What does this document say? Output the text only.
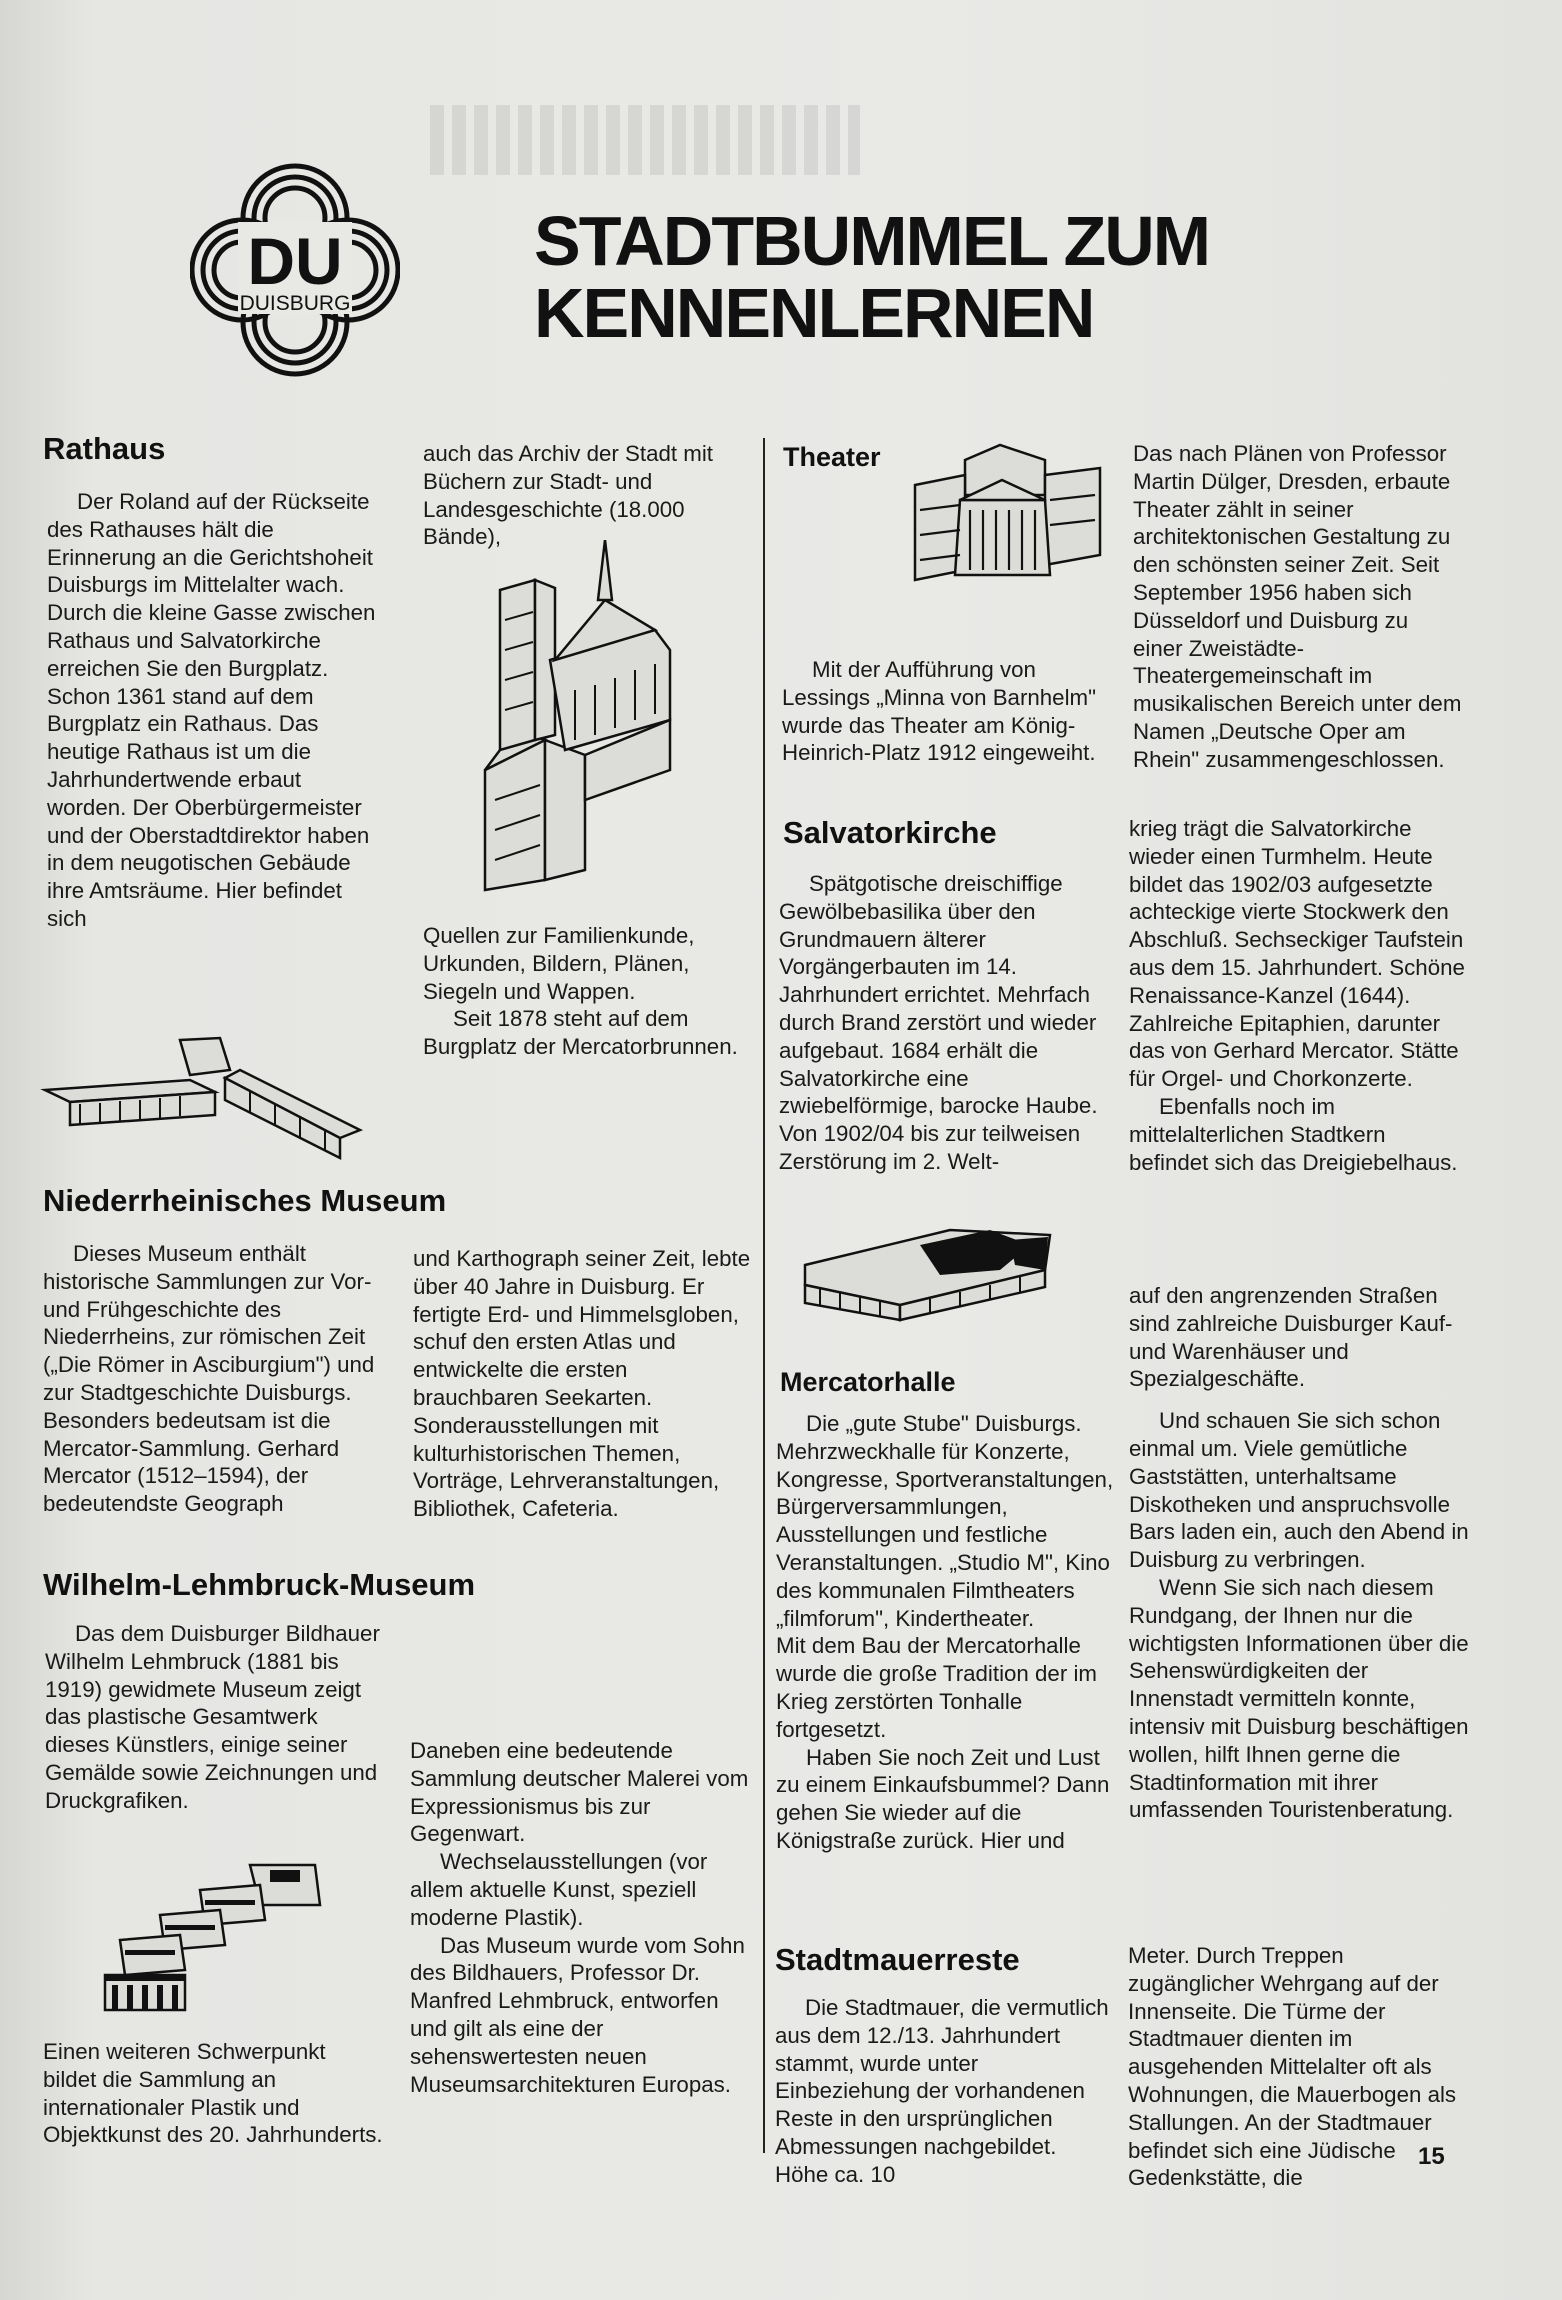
DU
DUISBURG
STADTBUMMEL ZUM
KENNENLERNEN
Rathaus

Der Roland auf der Rückseite des Rathauses hält die Erinnerung an die Gerichtshoheit Duisburgs im Mittelalter wach. Durch die kleine Gasse zwischen Rathaus und Salvatorkirche erreichen Sie den Burgplatz. Schon 1361 stand auf dem Burgplatz ein Rathaus. Das heutige Rathaus ist um die Jahrhundertwende erbaut worden. Der Oberbürgermeister und der Oberstadtdirektor haben in dem neugotischen Gebäude ihre Amtsräume. Hier befindet sich

auch das Archiv der Stadt mit Büchern zur Stadt- und Landesgeschichte (18.000 Bände),

Quellen zur Familienkunde, Urkunden, Bildern, Plänen, Siegeln und Wappen.

Seit 1878 steht auf dem Burgplatz der Mercatorbrunnen.

Niederrheinisches Museum

Dieses Museum enthält historische Sammlungen zur Vor- und Frühgeschichte des Niederrheins, zur römischen Zeit („Die Römer in Asciburgium") und zur Stadtgeschichte Duisburgs. Besonders bedeutsam ist die Mercator-Sammlung. Gerhard Mercator (1512–1594), der bedeutendste Geograph

und Karthograph seiner Zeit, lebte über 40 Jahre in Duisburg. Er fertigte Erd- und Himmelsgloben, schuf den ersten Atlas und entwickelte die ersten brauchbaren Seekarten. Sonderausstellungen mit kulturhistorischen Themen, Vorträge, Lehrveranstaltungen, Bibliothek, Cafeteria.

Wilhelm-Lehmbruck-Museum

Das dem Duisburger Bildhauer Wilhelm Lehmbruck (1881 bis 1919) gewidmete Museum zeigt das plastische Gesamtwerk dieses Künstlers, einige seiner Gemälde sowie Zeichnungen und Druckgrafiken.

Einen weiteren Schwerpunkt bildet die Sammlung an internationaler Plastik und Objektkunst des 20. Jahrhunderts.

Daneben eine bedeutende Sammlung deutscher Malerei vom Expressionismus bis zur Gegenwart.

Wechselausstellungen (vor allem aktuelle Kunst, speziell moderne Plastik).

Das Museum wurde vom Sohn des Bildhauers, Professor Dr. Manfred Lehmbruck, entworfen und gilt als eine der sehenswertesten neuen Museumsarchitekturen Europas.

Theater

Mit der Aufführung von Lessings „Minna von Barnhelm" wurde das Theater am König-Heinrich-Platz 1912 eingeweiht.

Das nach Plänen von Professor Martin Dülger, Dresden, erbaute Theater zählt in seiner architektonischen Gestaltung zu den schönsten seiner Zeit. Seit September 1956 haben sich Düsseldorf und Duisburg zu einer Zweistädte-Theatergemeinschaft im musikalischen Bereich unter dem Namen „Deutsche Oper am Rhein" zusammengeschlossen.

Salvatorkirche

Spätgotische dreischiffige Gewölbebasilika über den Grundmauern älterer Vorgängerbauten im 14. Jahrhundert errichtet. Mehrfach durch Brand zerstört und wieder aufgebaut. 1684 erhält die Salvatorkirche eine zwiebelförmige, barocke Haube. Von 1902/04 bis zur teilweisen Zerstörung im 2. Welt-

krieg trägt die Salvatorkirche wieder einen Turmhelm. Heute bildet das 1902/03 aufgesetzte achteckige vierte Stockwerk den Abschluß. Sechseckiger Taufstein aus dem 15. Jahrhundert. Schöne Renaissance-Kanzel (1644). Zahlreiche Epitaphien, darunter das von Gerhard Mercator. Stätte für Orgel- und Chorkonzerte.

Ebenfalls noch im mittelalterlichen Stadtkern befindet sich das Dreigiebelhaus.

Mercatorhalle

Die „gute Stube" Duisburgs. Mehrzweckhalle für Konzerte, Kongresse, Sportveranstaltungen, Bürgerversammlungen, Ausstellungen und festliche Veranstaltungen. „Studio M", Kino des kommunalen Filmtheaters „filmforum", Kindertheater.

Mit dem Bau der Mercatorhalle wurde die große Tradition der im Krieg zerstörten Tonhalle fortgesetzt.

Haben Sie noch Zeit und Lust zu einem Einkaufsbummel? Dann gehen Sie wieder auf die Königstraße zurück. Hier und

auf den angrenzenden Straßen sind zahlreiche Duisburger Kauf- und Warenhäuser und Spezialgeschäfte.

Und schauen Sie sich schon einmal um. Viele gemütliche Gaststätten, unterhaltsame Diskotheken und anspruchsvolle Bars laden ein, auch den Abend in Duisburg zu verbringen.

Wenn Sie sich nach diesem Rundgang, der Ihnen nur die wichtigsten Informationen über die Sehenswürdigkeiten der Innenstadt vermitteln konnte, intensiv mit Duisburg beschäftigen wollen, hilft Ihnen gerne die Stadtinformation mit ihrer umfassenden Touristenberatung.

Stadtmauerreste

Die Stadtmauer, die vermutlich aus dem 12./13. Jahrhundert stammt, wurde unter Einbeziehung der vorhandenen Reste in den ursprünglichen Abmessungen nachgebildet. Höhe ca. 10

Meter. Durch Treppen zugänglicher Wehrgang auf der Innenseite. Die Türme der Stadtmauer dienten im ausgehenden Mittelalter oft als Wohnungen, die Mauerbogen als Stallungen. An der Stadtmauer befindet sich eine Jüdische Gedenkstätte, die

15
